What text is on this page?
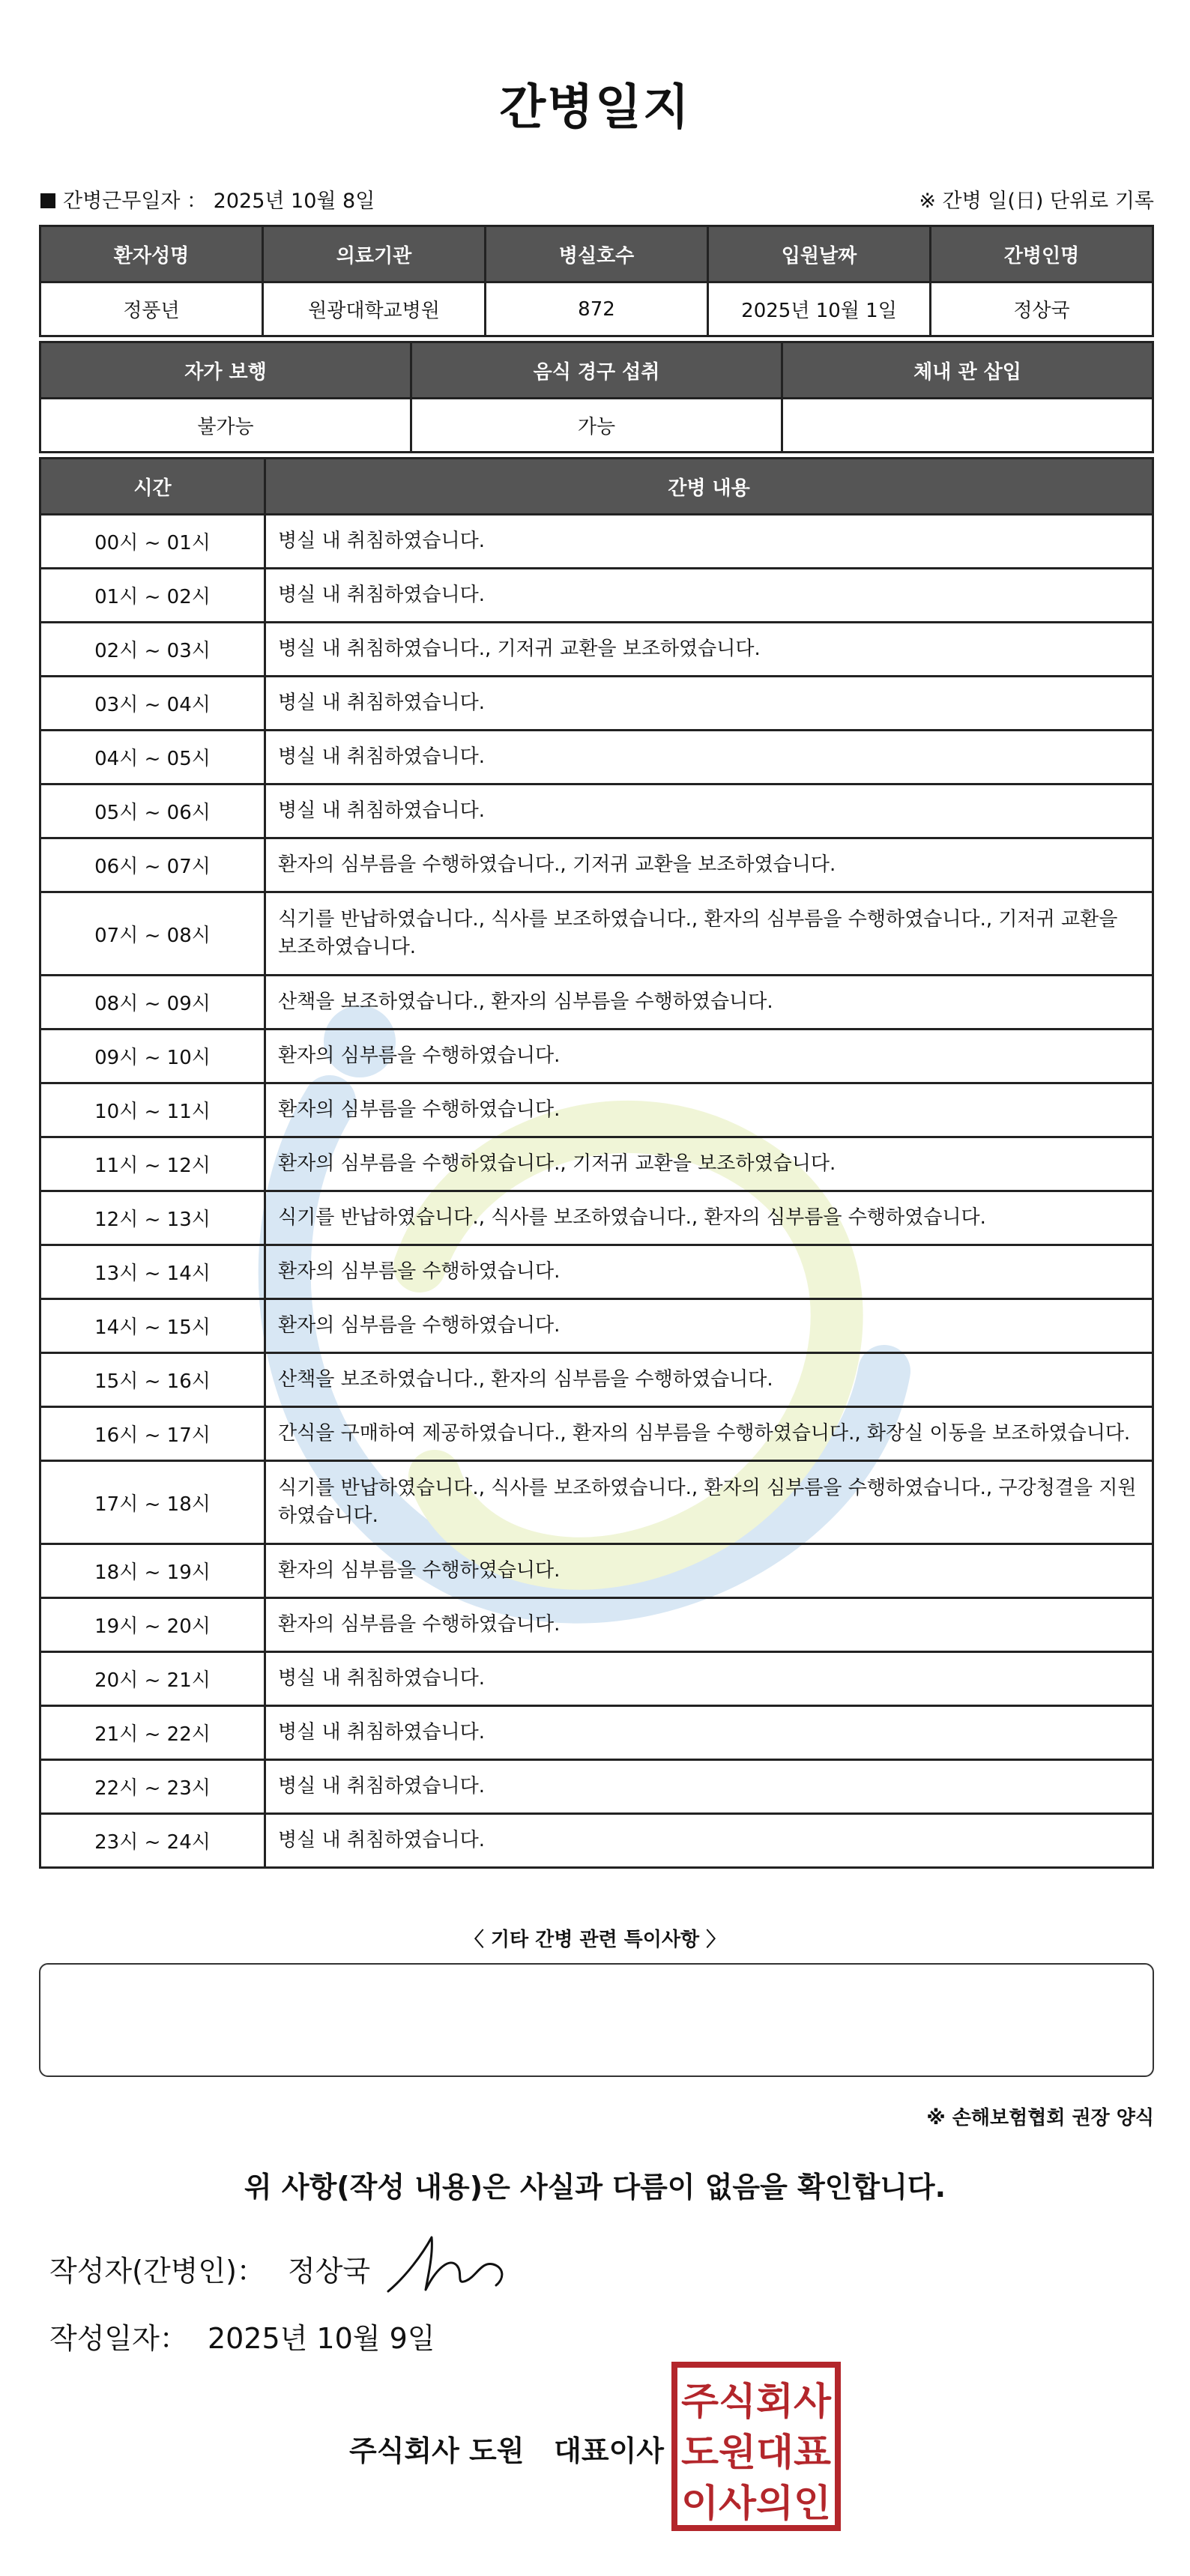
간병일지
간병근무일자 ： 2025년 10월 8일	※ 간병 일(日) 단위로 기록
환자성명	의료기관	병실호수	입원날짜	간병인명
정풍년	원광대학교병원	872	2025년 10월 1일	정상국
자가 보행	음식 경구 섭취	체내 관 삽입
불가능	가능	
시간	간병 내용
00시 ~ 01시	병실 내 취침하였습니다.
01시 ~ 02시	병실 내 취침하였습니다.
02시 ~ 03시	병실 내 취침하였습니다., 기저귀 교환을 보조하였습니다.
03시 ~ 04시	병실 내 취침하였습니다.
04시 ~ 05시	병실 내 취침하였습니다.
05시 ~ 06시	병실 내 취침하였습니다.
06시 ~ 07시	환자의 심부름을 수행하였습니다., 기저귀 교환을 보조하였습니다.
07시 ~ 08시	식기를 반납하였습니다., 식사를 보조하였습니다., 환자의 심부름을 수행하였습니다., 기저귀 교환을 보조하였습니다.
08시 ~ 09시	산책을 보조하였습니다., 환자의 심부름을 수행하였습니다.
09시 ~ 10시	환자의 심부름을 수행하였습니다.
10시 ~ 11시	환자의 심부름을 수행하였습니다.
11시 ~ 12시	환자의 심부름을 수행하였습니다., 기저귀 교환을 보조하였습니다.
12시 ~ 13시	식기를 반납하였습니다., 식사를 보조하였습니다., 환자의 심부름을 수행하였습니다.
13시 ~ 14시	환자의 심부름을 수행하였습니다.
14시 ~ 15시	환자의 심부름을 수행하였습니다.
15시 ~ 16시	산책을 보조하였습니다., 환자의 심부름을 수행하였습니다.
16시 ~ 17시	간식을 구매하여 제공하였습니다., 환자의 심부름을 수행하였습니다., 화장실 이동을 보조하였습니다.
17시 ~ 18시	식기를 반납하였습니다., 식사를 보조하였습니다., 환자의 심부름을 수행하였습니다., 구강청결을 지원하였습니다.
18시 ~ 19시	환자의 심부름을 수행하였습니다.
19시 ~ 20시	환자의 심부름을 수행하였습니다.
20시 ~ 21시	병실 내 취침하였습니다.
21시 ~ 22시	병실 내 취침하였습니다.
22시 ~ 23시	병실 내 취침하였습니다.
23시 ~ 24시	병실 내 취침하였습니다.
〈 기타 간병 관련 특이사항 〉
※ 손해보험협회 권장 양식
위 사항(작성 내용)은 사실과 다름이 없음을 확인합니다.
작성자(간병인)： 정상국
작성일자： 2025년 10월 9일
주식회사 도원   대표이사
주식회사
도원대표
이사의인
